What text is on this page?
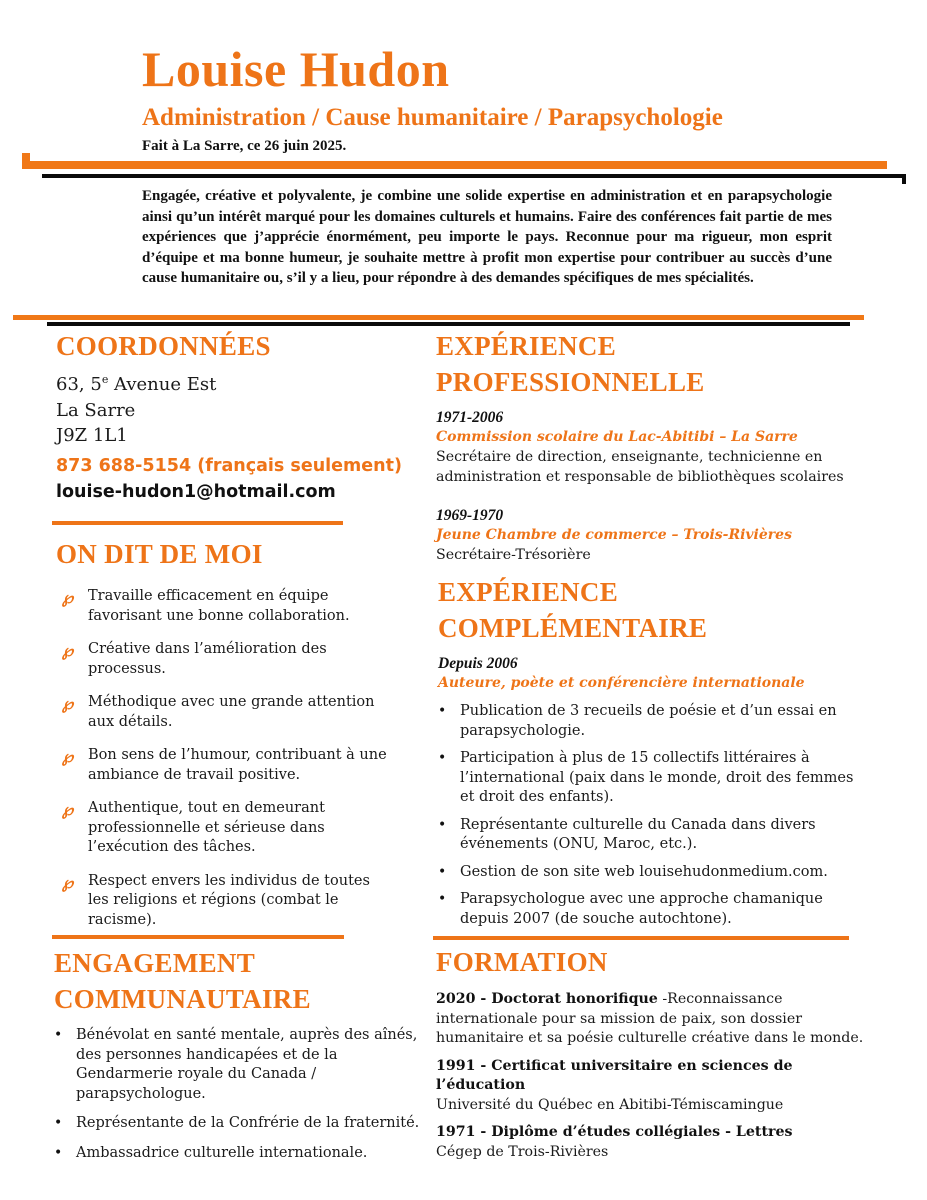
Louise Hudon
Administration / Cause humanitaire / Parapsychologie
Fait à La Sarre, ce 26 juin 2025.

Engagée, créative et polyvalente, je combine une solide expertise en administration et en parapsychologie ainsi qu’un intérêt marqué pour les domaines culturels et humains. Faire des conférences fait partie de mes expériences que j’apprécie énormément, peu importe le pays. Reconnue pour ma rigueur, mon esprit d’équipe et ma bonne humeur, je souhaite mettre à profit mon expertise pour contribuer au succès d’une cause humanitaire ou, s’il y a lieu, pour répondre à des demandes spécifiques de mes spécialités.

COORDONNÉES
63, 5e Avenue Est
La Sarre
J9Z 1L1
873 688-5154 (français seulement)
louise-hudon1@hotmail.com
ON DIT DE MOI
℘ Travaille efficacement en équipe favorisant une bonne collaboration.
℘ Créative dans l’amélioration des processus.
℘ Méthodique avec une grande attention aux détails.
℘ Bon sens de l’humour, contribuant à une ambiance de travail positive.
℘ Authentique, tout en demeurant professionnelle et sérieuse dans l’exécution des tâches.
℘ Respect envers les individus de toutes les religions et régions (combat le racisme).
ENGAGEMENT
COMMUNAUTAIRE
• Bénévolat en santé mentale, auprès des aînés, des personnes handicapées et de la Gendarmerie royale du Canada / parapsychologue.
• Représentante de la Confrérie de la fraternité.
• Ambassadrice culturelle internationale.
EXPÉRIENCE
PROFESSIONNELLE
1971-2006
Commission scolaire du Lac-Abitibi – La Sarre
Secrétaire de direction, enseignante, technicienne en administration et responsable de bibliothèques scolaires
1969-1970
Jeune Chambre de commerce – Trois-Rivières
Secrétaire-Trésorière
EXPÉRIENCE
COMPLÉMENTAIRE
Depuis 2006
Auteure, poète et conférencière internationale
• Publication de 3 recueils de poésie et d’un essai en parapsychologie.
• Participation à plus de 15 collectifs littéraires à l’international (paix dans le monde, droit des femmes et droit des enfants).
• Représentante culturelle du Canada dans divers événements (ONU, Maroc, etc.).
• Gestion de son site web louisehudonmedium.com.
• Parapsychologue avec une approche chamanique depuis 2007 (de souche autochtone).
FORMATION
2020 - Doctorat honorifique -Reconnaissance internationale pour sa mission de paix, son dossier humanitaire et sa poésie culturelle créative dans le monde.
1991 - Certificat universitaire en sciences de l’éducation
Université du Québec en Abitibi-Témiscamingue
1971 - Diplôme d’études collégiales - Lettres
Cégep de Trois-Rivières
